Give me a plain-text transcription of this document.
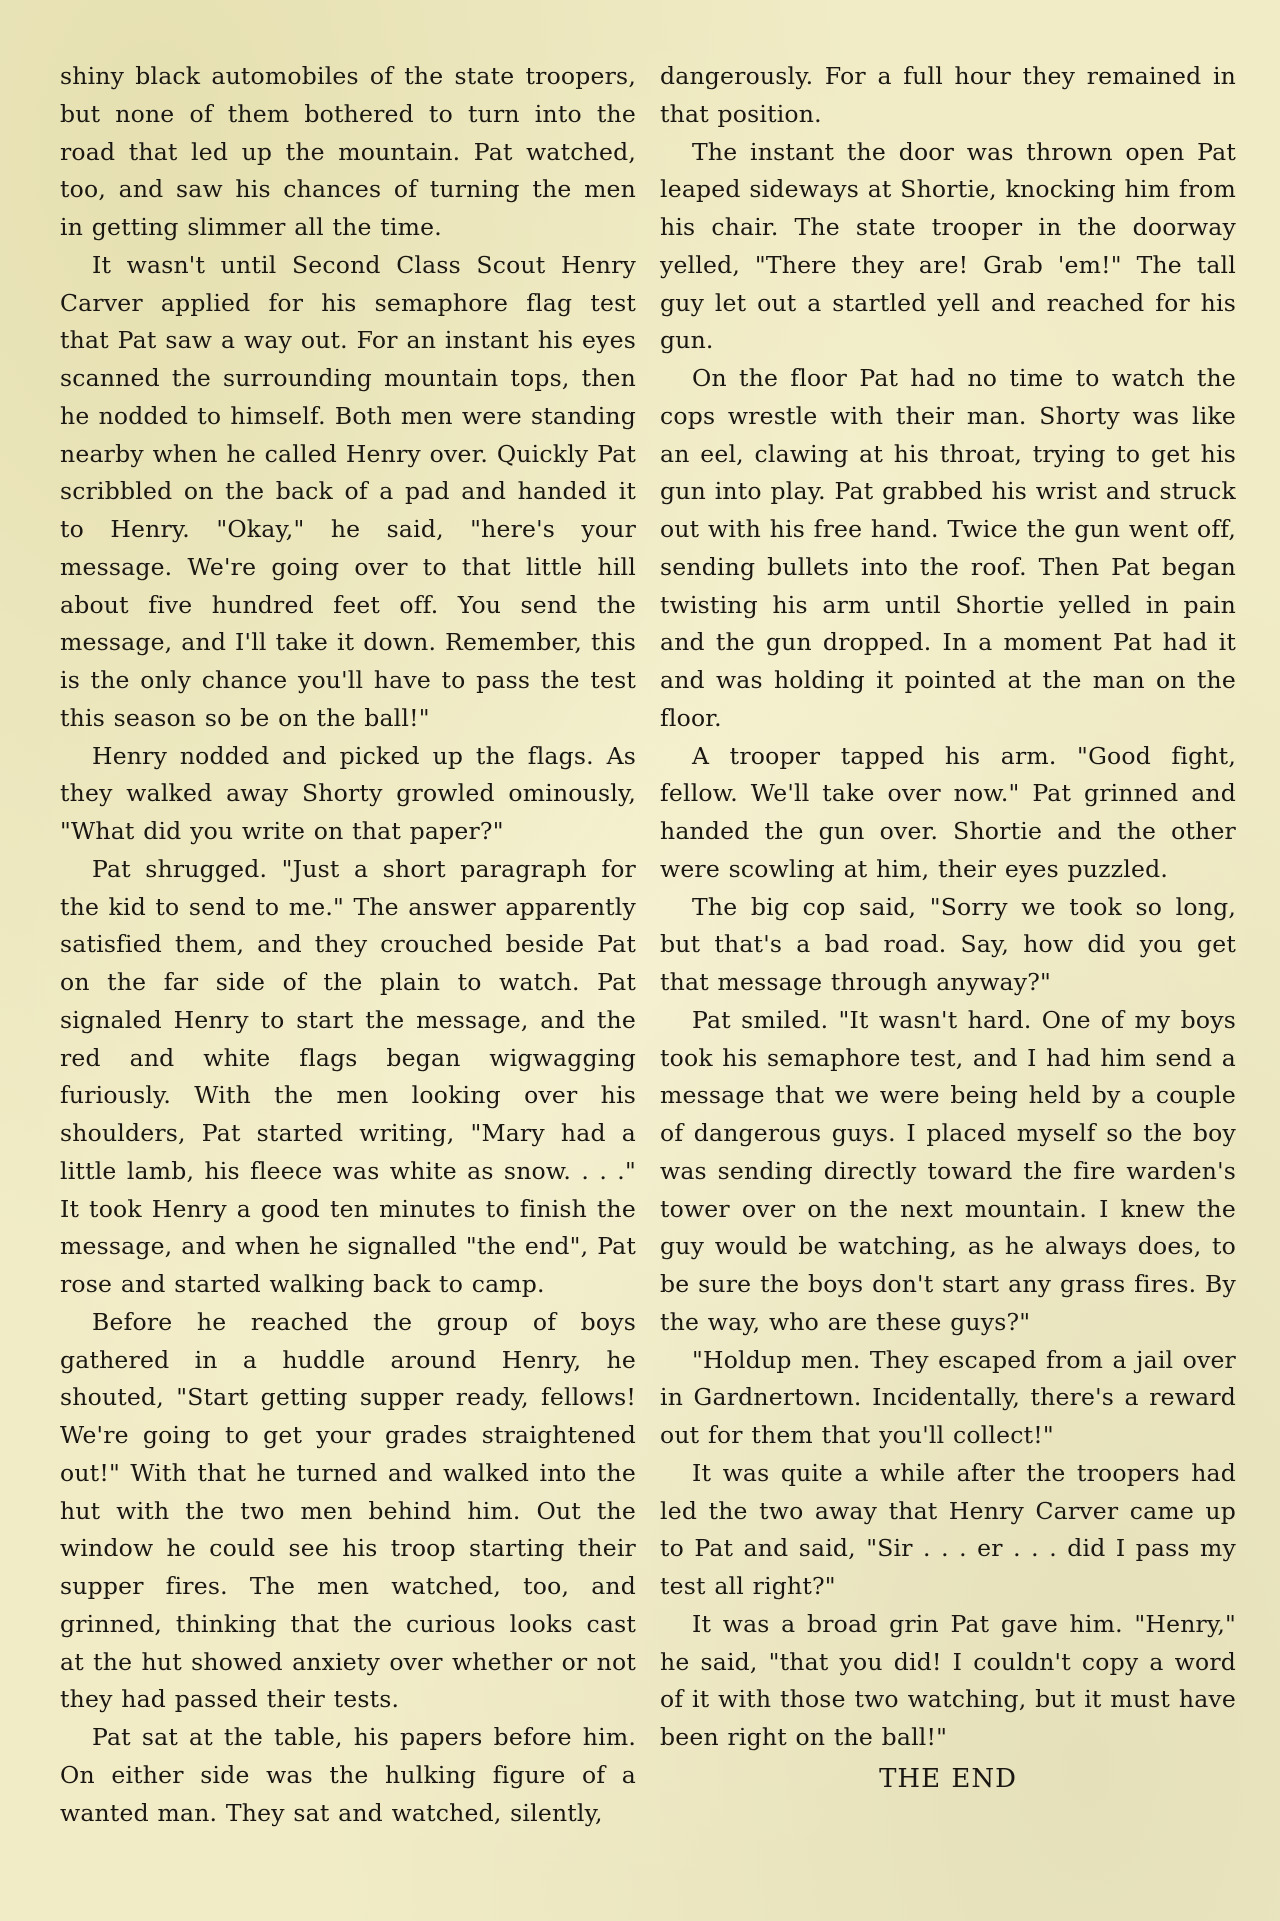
shiny black automobiles of the state troopers, but none of them bothered to turn into the road that led up the mountain. Pat watched, too, and saw his chances of turning the men in getting slimmer all the time.

It wasn't until Second Class Scout Henry Carver applied for his semaphore flag test that Pat saw a way out. For an instant his eyes scanned the surrounding mountain tops, then he nodded to himself. Both men were standing nearby when he called Henry over. Quickly Pat scribbled on the back of a pad and handed it to Henry. "Okay," he said, "here's your message. We're going over to that little hill about five hundred feet off. You send the message, and I'll take it down. Remember, this is the only chance you'll have to pass the test this season so be on the ball!"

Henry nodded and picked up the flags. As they walked away Shorty growled ominously, "What did you write on that paper?"

Pat shrugged. "Just a short paragraph for the kid to send to me." The answer apparently satisfied them, and they crouched beside Pat on the far side of the plain to watch. Pat signaled Henry to start the message, and the red and white flags began wigwagging furiously. With the men looking over his shoulders, Pat started writing, "Mary had a little lamb, his fleece was white as snow. . . ." It took Henry a good ten minutes to finish the message, and when he signalled "the end", Pat rose and started walking back to camp.

Before he reached the group of boys gathered in a huddle around Henry, he shouted, "Start getting supper ready, fellows! We're going to get your grades straightened out!" With that he turned and walked into the hut with the two men behind him. Out the window he could see his troop starting their supper fires. The men watched, too, and grinned, thinking that the curious looks cast at the hut showed anxiety over whether or not they had passed their tests.

Pat sat at the table, his papers before him. On either side was the hulking figure of a wanted man. They sat and watched, silently,

dangerously. For a full hour they remained in that position.

The instant the door was thrown open Pat leaped sideways at Shortie, knocking him from his chair. The state trooper in the doorway yelled, "There they are! Grab 'em!" The tall guy let out a startled yell and reached for his gun.

On the floor Pat had no time to watch the cops wrestle with their man. Shorty was like an eel, clawing at his throat, trying to get his gun into play. Pat grabbed his wrist and struck out with his free hand. Twice the gun went off, sending bullets into the roof. Then Pat began twisting his arm until Shortie yelled in pain and the gun dropped. In a moment Pat had it and was holding it pointed at the man on the floor.

A trooper tapped his arm. "Good fight, fellow. We'll take over now." Pat grinned and handed the gun over. Shortie and the other were scowling at him, their eyes puzzled.

The big cop said, "Sorry we took so long, but that's a bad road. Say, how did you get that message through anyway?"

Pat smiled. "It wasn't hard. One of my boys took his semaphore test, and I had him send a message that we were being held by a couple of dangerous guys. I placed myself so the boy was sending directly toward the fire warden's tower over on the next mountain. I knew the guy would be watching, as he always does, to be sure the boys don't start any grass fires. By the way, who are these guys?"

"Holdup men. They escaped from a jail over in Gardnertown. Incidentally, there's a reward out for them that you'll collect!"

It was quite a while after the troopers had led the two away that Henry Carver came up to Pat and said, "Sir . . . er . . . did I pass my test all right?"

It was a broad grin Pat gave him. "Henry," he said, "that you did! I couldn't copy a word of it with those two watching, but it must have been right on the ball!"

THE END
